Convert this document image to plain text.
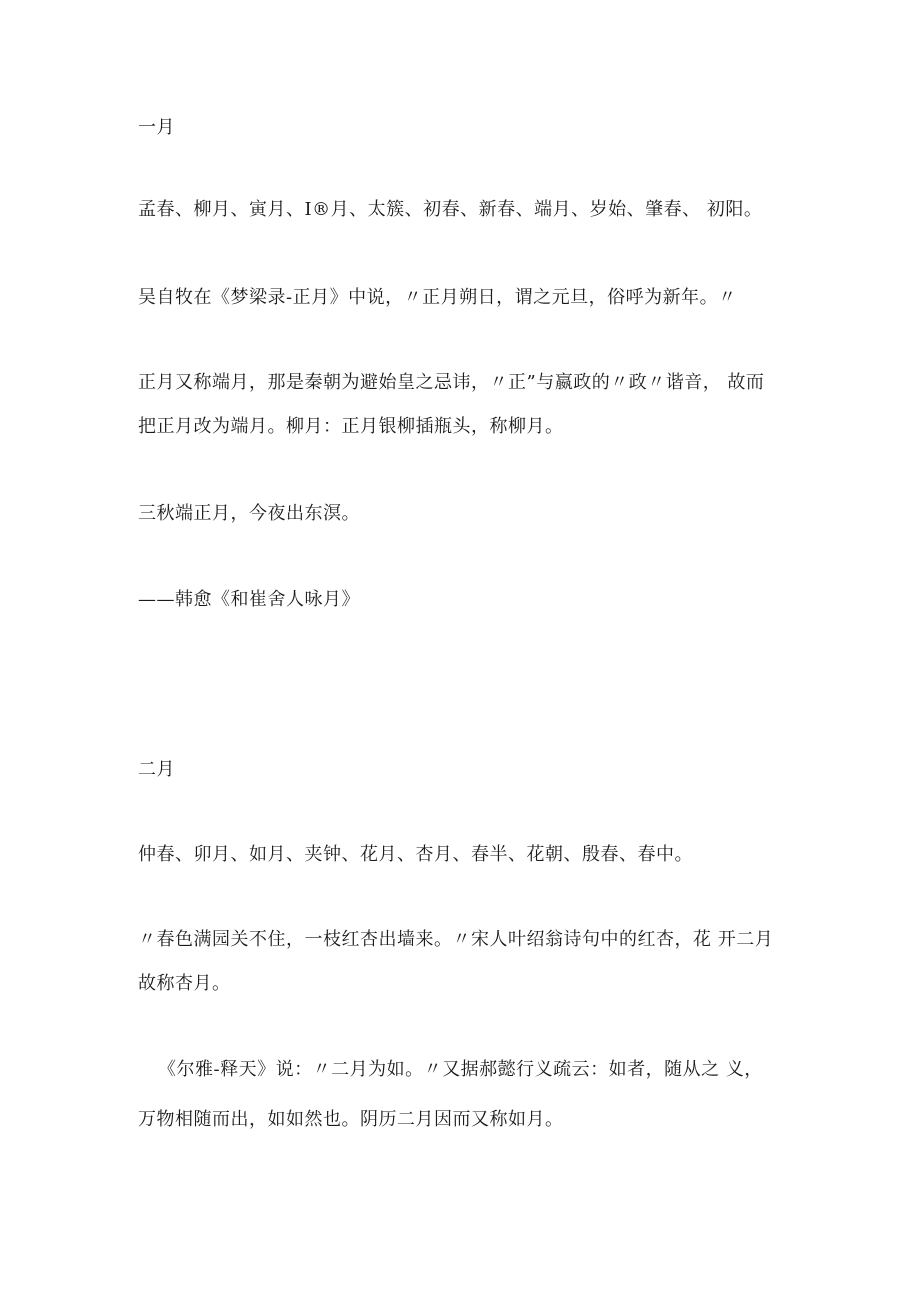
一月
孟春、柳月、寅月、I®月、太簇、初春、新春、端月、岁始、肇春、 初阳。
吴自牧在《梦梁录-正月》中说，〃正月朔日，谓之元旦，俗呼为新年。〃
正月又称端月，那是秦朝为避始皇之忌讳，〃正”与嬴政的〃政〃谐音， 故而
把正月改为端月。柳月：正月银柳插瓶头，称柳月。
三秋端正月，今夜出东溟。
——韩愈《和崔舍人咏月》
二月
仲春、卯月、如月、夹钟、花月、杏月、春半、花朝、殷春、春中。
〃春色满园关不住，一枝红杏出墙来。〃宋人叶绍翁诗句中的红杏，花 开二月
故称杏月。
《尔雅-释天》说：〃二月为如。〃又据郝懿行义疏云：如者，随从之 义，
万物相随而出，如如然也。阴历二月因而又称如月。
